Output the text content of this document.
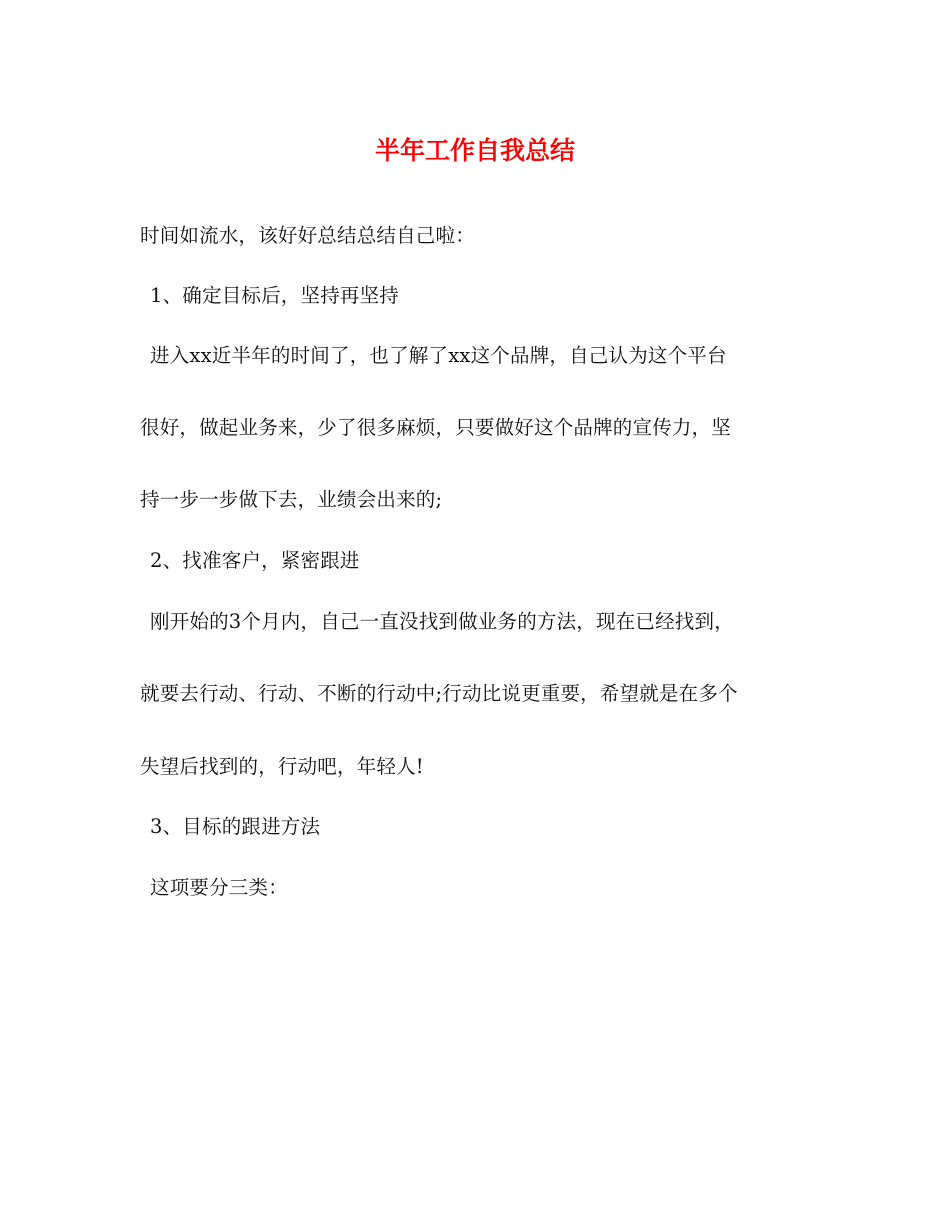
半年工作自我总结
时间如流水，该好好总结总结自己啦：
1、确定目标后，坚持再坚持
进入xx近半年的时间了，也了解了xx这个品牌，自己认为这个平台
很好，做起业务来，少了很多麻烦，只要做好这个品牌的宣传力，坚
持一步一步做下去，业绩会出来的;
2、找准客户，紧密跟进
刚开始的3个月内，自己一直没找到做业务的方法，现在已经找到，
就要去行动、行动、不断的行动中;行动比说更重要，希望就是在多个
失望后找到的，行动吧，年轻人!
3、目标的跟进方法
这项要分三类：
